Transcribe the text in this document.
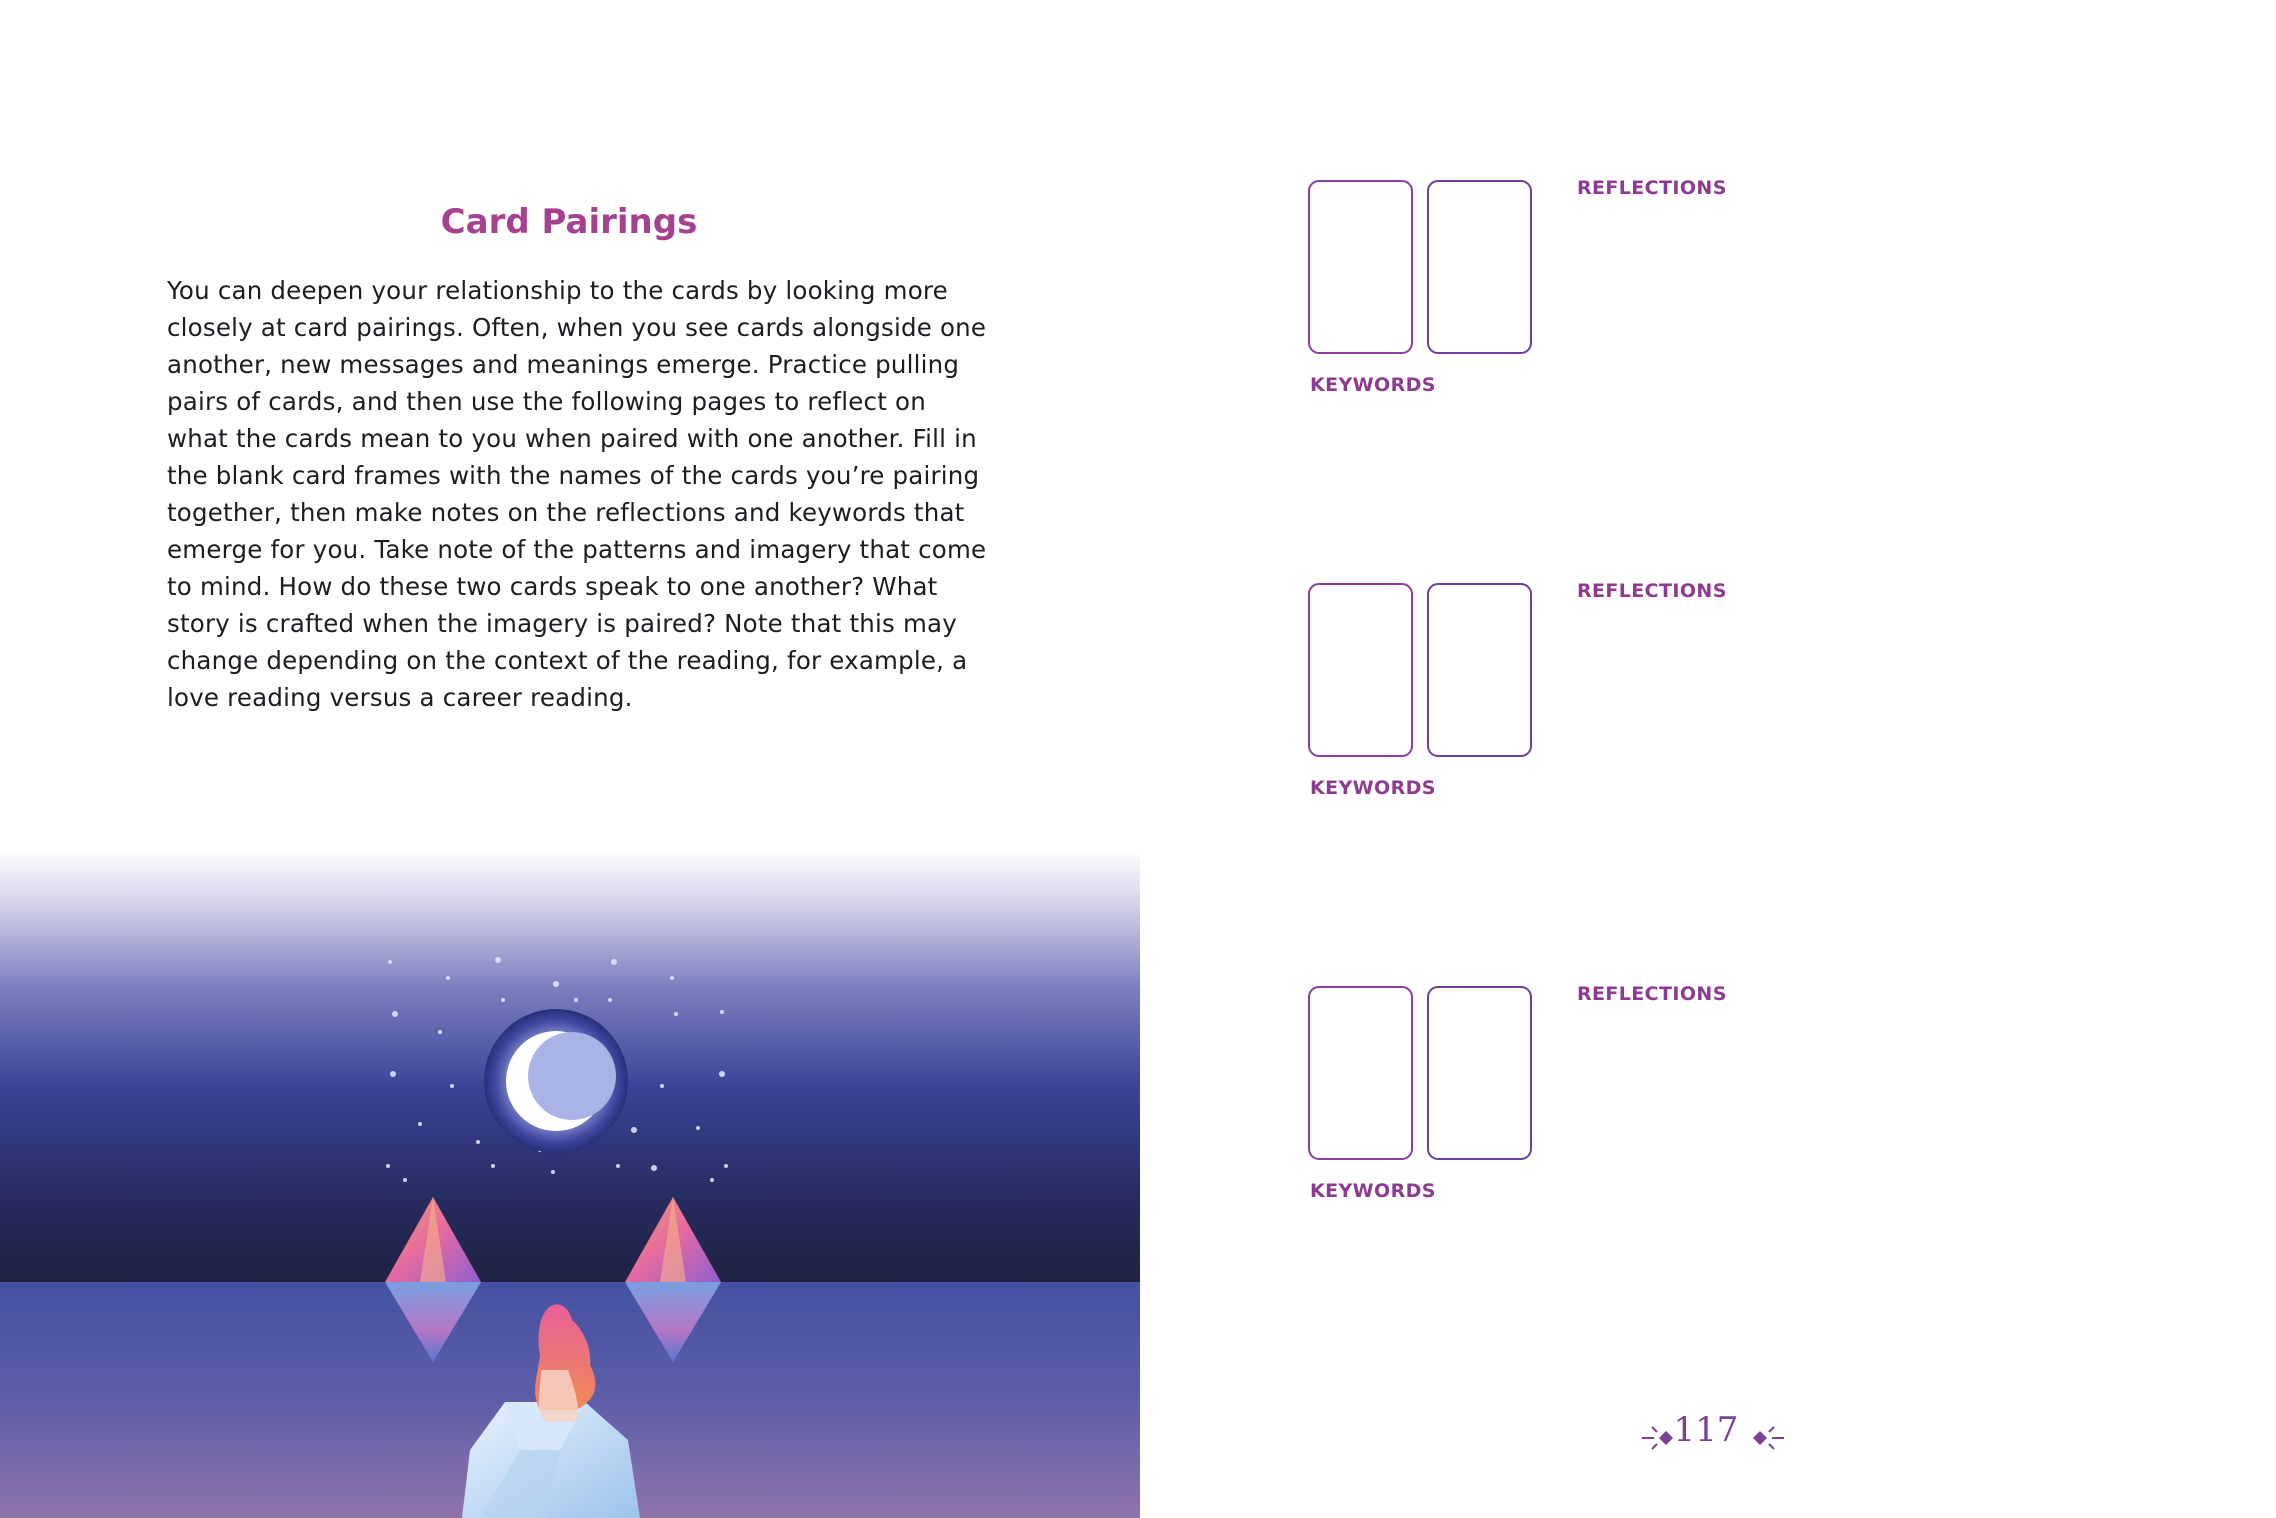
Card Pairings

You can deepen your relationship to the cards by looking more closely at card pairings. Often, when you see cards alongside one another, new messages and meanings emerge. Practice pulling pairs of cards, and then use the following pages to reflect on what the cards mean to you when paired with one another. Fill in the blank card frames with the names of the cards you’re pairing together, then make notes on the reflections and keywords that emerge for you. Take note of the patterns and imagery that come to mind. How do these two cards speak to one another? What story is crafted when the imagery is paired? Note that this may change depending on the context of the reading, for example, a love reading versus a career reading.

REFLECTIONS
KEYWORDS
REFLECTIONS
KEYWORDS
REFLECTIONS
KEYWORDS
117
